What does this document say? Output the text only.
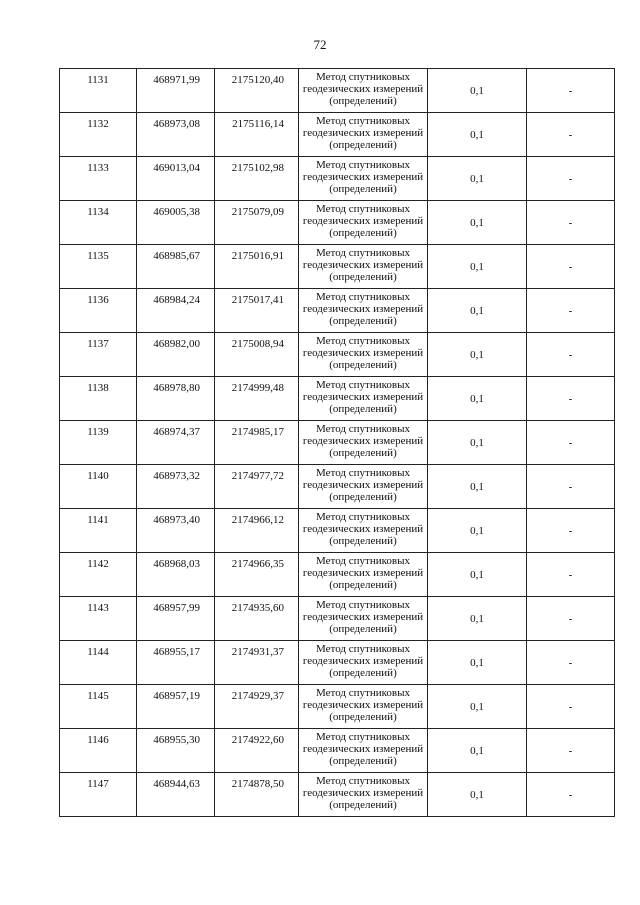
72
1131	468971,99	2175120,40	Метод спутниковых
геодезических измерений
(определений)	0,1	-
1132	468973,08	2175116,14	Метод спутниковых
геодезических измерений
(определений)	0,1	-
1133	469013,04	2175102,98	Метод спутниковых
геодезических измерений
(определений)	0,1	-
1134	469005,38	2175079,09	Метод спутниковых
геодезических измерений
(определений)	0,1	-
1135	468985,67	2175016,91	Метод спутниковых
геодезических измерений
(определений)	0,1	-
1136	468984,24	2175017,41	Метод спутниковых
геодезических измерений
(определений)	0,1	-
1137	468982,00	2175008,94	Метод спутниковых
геодезических измерений
(определений)	0,1	-
1138	468978,80	2174999,48	Метод спутниковых
геодезических измерений
(определений)	0,1	-
1139	468974,37	2174985,17	Метод спутниковых
геодезических измерений
(определений)	0,1	-
1140	468973,32	2174977,72	Метод спутниковых
геодезических измерений
(определений)	0,1	-
1141	468973,40	2174966,12	Метод спутниковых
геодезических измерений
(определений)	0,1	-
1142	468968,03	2174966,35	Метод спутниковых
геодезических измерений
(определений)	0,1	-
1143	468957,99	2174935,60	Метод спутниковых
геодезических измерений
(определений)	0,1	-
1144	468955,17	2174931,37	Метод спутниковых
геодезических измерений
(определений)	0,1	-
1145	468957,19	2174929,37	Метод спутниковых
геодезических измерений
(определений)	0,1	-
1146	468955,30	2174922,60	Метод спутниковых
геодезических измерений
(определений)	0,1	-
1147	468944,63	2174878,50	Метод спутниковых
геодезических измерений
(определений)	0,1	-
